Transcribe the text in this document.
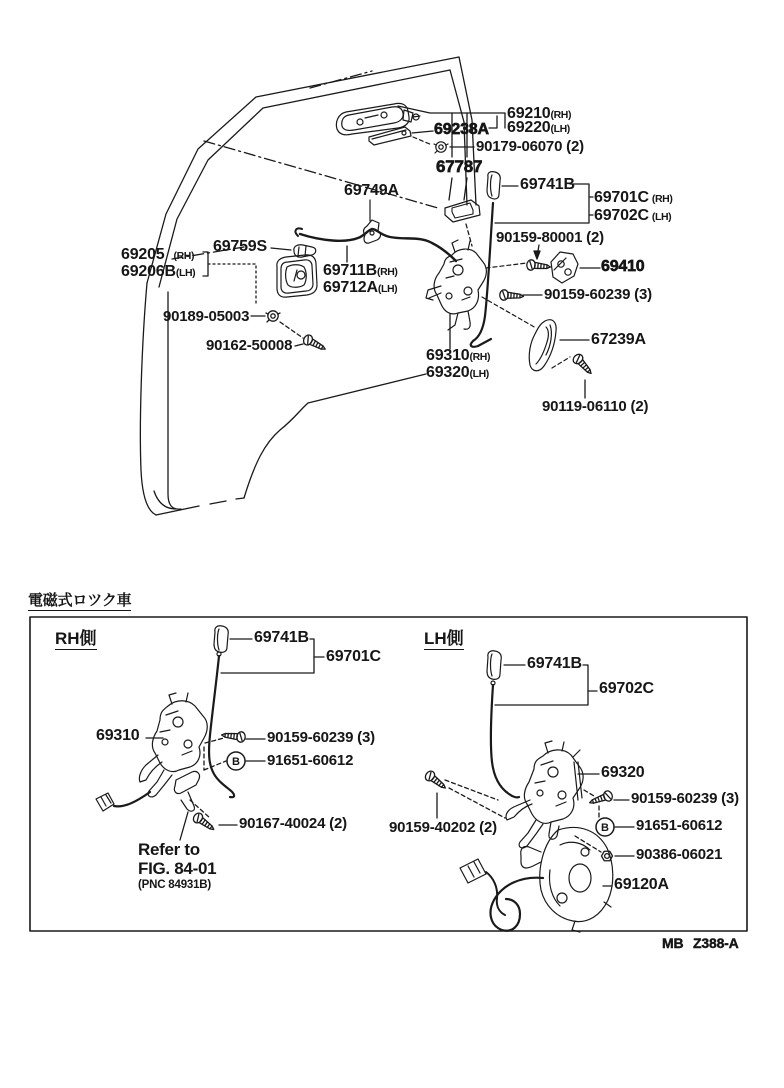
B
B
69210(RH)
69220(LH)
69238A
90179-06070 (2)
67787
69749A	69741B
69701C (RH)
69702C (LH)
90159-80001 (2)
69410
90159-60239 (3)
69205 (RH)
69206B(LH)
69759S
69711B(RH)
69712A(LH)
90189-05003
90162-50008
69310(RH)
69320(LH)
67239A
90119-06110 (2)
電磁式ロツク車
RH側	LH側
69741B
69701C
69310	90159-60239 (3)
91651-60612
90167-40024 (2)
Refer to
FIG. 84-01
(PNC 84931B)
69741B
69702C
69320
90159-60239 (3)
91651-60612
90159-40202 (2)
90386-06021
69120A
MB Z388-A
